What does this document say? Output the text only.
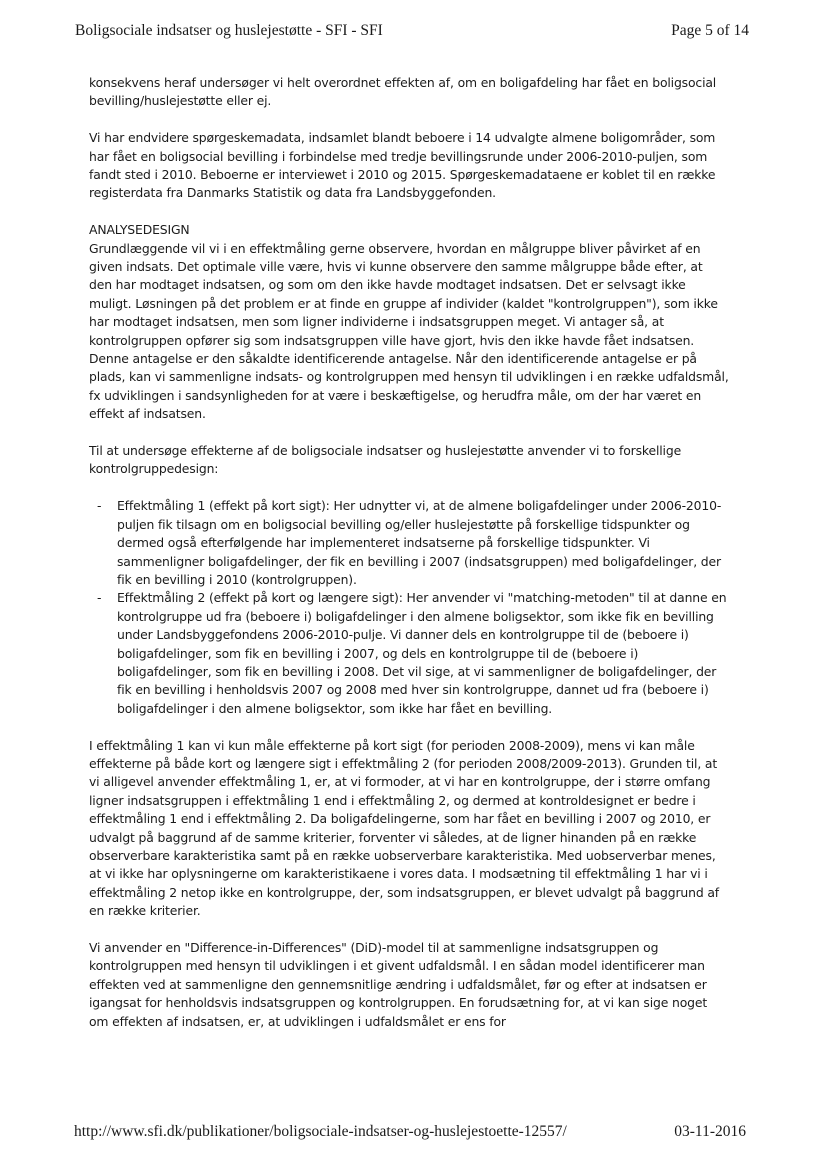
Boligsociale indsatser og huslejestøtte - SFI - SFI	Page 5 of 14

konsekvens heraf undersøger vi helt overordnet effekten af, om en boligafdeling har fået en boligsocial bevilling/huslejestøtte eller ej.

Vi har endvidere spørgeskemadata, indsamlet blandt beboere i 14 udvalgte almene boligområder, som har fået en boligsocial bevilling i forbindelse med tredje bevillingsrunde under 2006-2010-puljen, som fandt sted i 2010. Beboerne er interviewet i 2010 og 2015. Spørgeskemadataene er koblet til en række registerdata fra Danmarks Statistik og data fra Landsbyggefonden.

ANALYSEDESIGN

Grundlæggende vil vi i en effektmåling gerne observere, hvordan en målgruppe bliver påvirket af en given indsats. Det optimale ville være, hvis vi kunne observere den samme målgruppe både efter, at den har modtaget indsatsen, og som om den ikke havde modtaget indsatsen. Det er selvsagt ikke muligt. Løsningen på det problem er at finde en gruppe af individer (kaldet "kontrolgruppen"), som ikke har modtaget indsatsen, men som ligner individerne i indsatsgruppen meget. Vi antager så, at kontrolgruppen opfører sig som indsatsgruppen ville have gjort, hvis den ikke havde fået indsatsen. Denne antagelse er den såkaldte identificerende antagelse. Når den identificerende antagelse er på plads, kan vi sammenligne indsats- og kontrolgruppen med hensyn til udviklingen i en række udfaldsmål, fx udviklingen i sandsynligheden for at være i beskæftigelse, og herudfra måle, om der har været en effekt af indsatsen.

Til at undersøge effekterne af de boligsociale indsatser og huslejestøtte anvender vi to forskellige kontrolgruppedesign:

- Effektmåling 1 (effekt på kort sigt): Her udnytter vi, at de almene boligafdelinger under 2006-2010-puljen fik tilsagn om en boligsocial bevilling og/eller huslejestøtte på forskellige tidspunkter og dermed også efterfølgende har implementeret indsatserne på forskellige tidspunkter. Vi sammenligner boligafdelinger, der fik en bevilling i 2007 (indsatsgruppen) med boligafdelinger, der fik en bevilling i 2010 (kontrolgruppen).
- Effektmåling 2 (effekt på kort og længere sigt): Her anvender vi "matching-metoden" til at danne en kontrolgruppe ud fra (beboere i) boligafdelinger i den almene boligsektor, som ikke fik en bevilling under Landsbyggefondens 2006-2010-pulje. Vi danner dels en kontrolgruppe til de (beboere i) boligafdelinger, som fik en bevilling i 2007, og dels en kontrolgruppe til de (beboere i) boligafdelinger, som fik en bevilling i 2008. Det vil sige, at vi sammenligner de boligafdelinger, der fik en bevilling i henholdsvis 2007 og 2008 med hver sin kontrolgruppe, dannet ud fra (beboere i) boligafdelinger i den almene boligsektor, som ikke har fået en bevilling.

I effektmåling 1 kan vi kun måle effekterne på kort sigt (for perioden 2008-2009), mens vi kan måle effekterne på både kort og længere sigt i effektmåling 2 (for perioden 2008/2009-2013). Grunden til, at vi alligevel anvender effektmåling 1, er, at vi formoder, at vi har en kontrolgruppe, der i større omfang ligner indsatsgruppen i effektmåling 1 end i effektmåling 2, og dermed at kontroldesignet er bedre i effektmåling 1 end i effektmåling 2. Da boligafdelingerne, som har fået en bevilling i 2007 og 2010, er udvalgt på baggrund af de samme kriterier, forventer vi således, at de ligner hinanden på en række observerbare karakteristika samt på en række uobserverbare karakteristika. Med uobserverbar menes, at vi ikke har oplysningerne om karakteristikaene i vores data. I modsætning til effektmåling 1 har vi i effektmåling 2 netop ikke en kontrolgruppe, der, som indsatsgruppen, er blevet udvalgt på baggrund af en række kriterier.

Vi anvender en "Difference-in-Differences" (DiD)-model til at sammenligne indsatsgruppen og kontrolgruppen med hensyn til udviklingen i et givent udfaldsmål. I en sådan model identificerer man effekten ved at sammenligne den gennemsnitlige ændring i udfaldsmålet, før og efter at indsatsen er igangsat for henholdsvis indsatsgruppen og kontrolgruppen. En forudsætning for, at vi kan sige noget om effekten af indsatsen, er, at udviklingen i udfaldsmålet er ens for

http://www.sfi.dk/publikationer/boligsociale-indsatser-og-huslejestoette-12557/	03-11-2016
